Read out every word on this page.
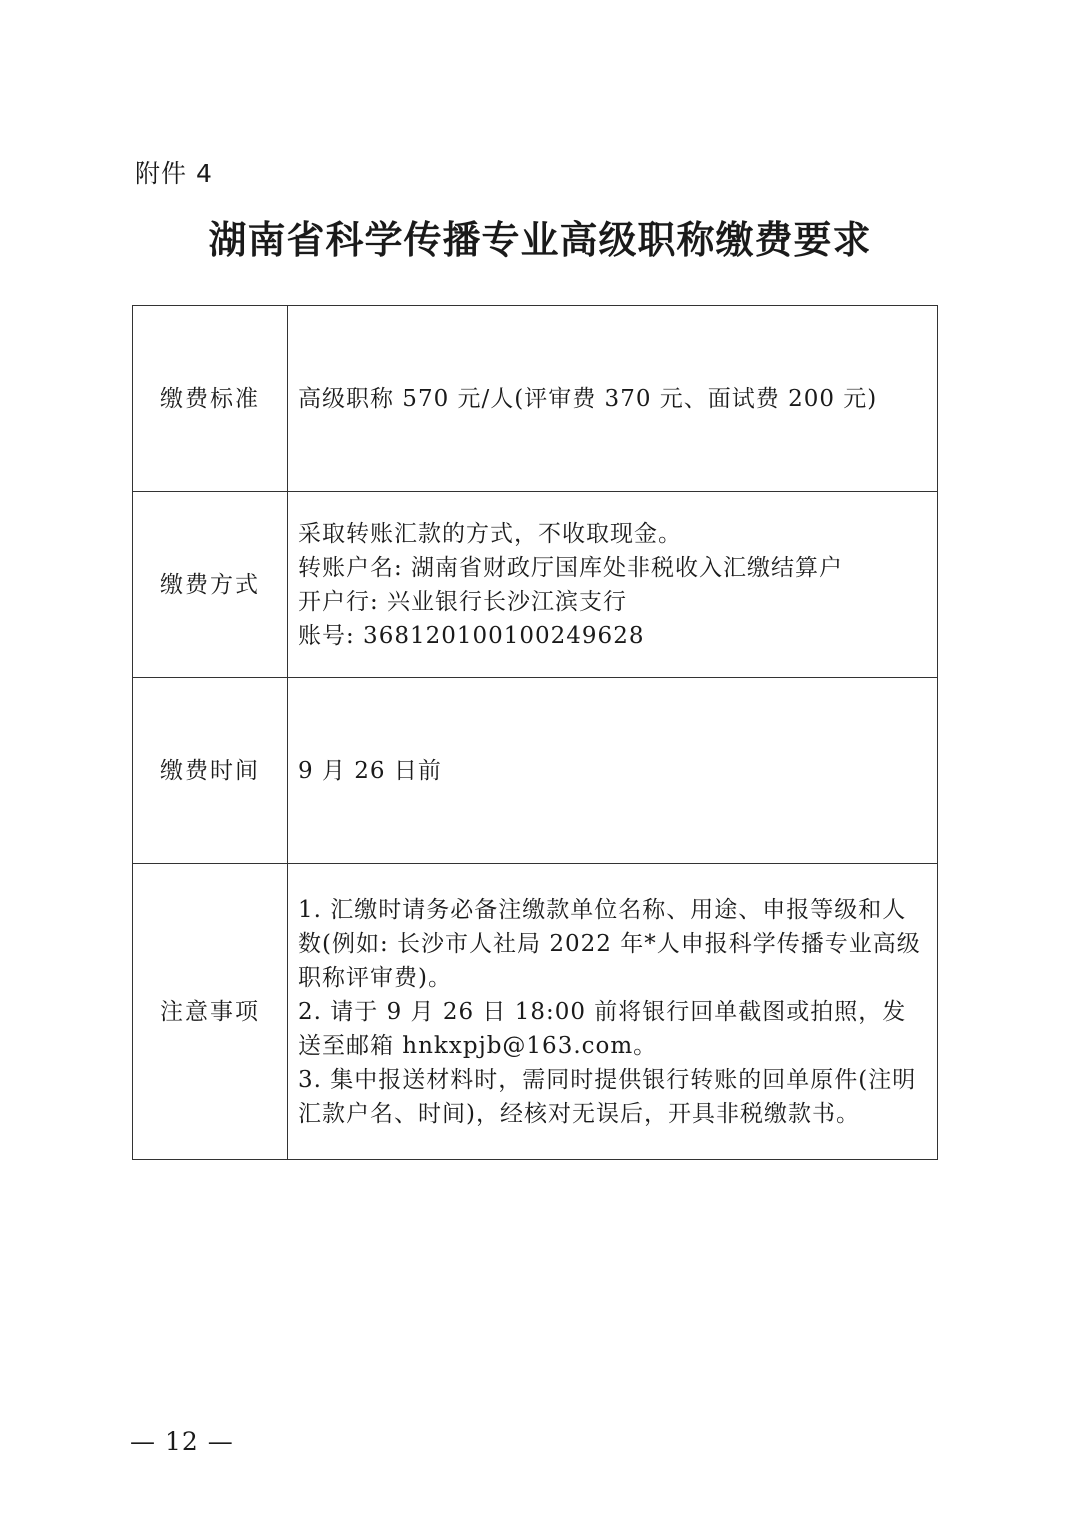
附件 4
湖南省科学传播专业高级职称缴费要求
缴费标准	高级职称 570 元/人(评审费 370 元、面试费 200 元)

缴费方式	采取转账汇款的方式，不收取现金。
转账户名: 湖南省财政厅国库处非税收入汇缴结算户
开户行: 兴业银行长沙江滨支行
账号: 368120100100249628

缴费时间	9 月 26 日前

注意事项	1. 汇缴时请务必备注缴款单位名称、用途、申报等级和人数(例如: 长沙市人社局 2022 年*人申报科学传播专业高级职称评审费)。
2. 请于 9 月 26 日 18:00 前将银行回单截图或拍照，发送至邮箱 hnkxpjb@163.com。
3. 集中报送材料时，需同时提供银行转账的回单原件(注明汇款户名、时间)，经核对无误后，开具非税缴款书。
— 12 —
